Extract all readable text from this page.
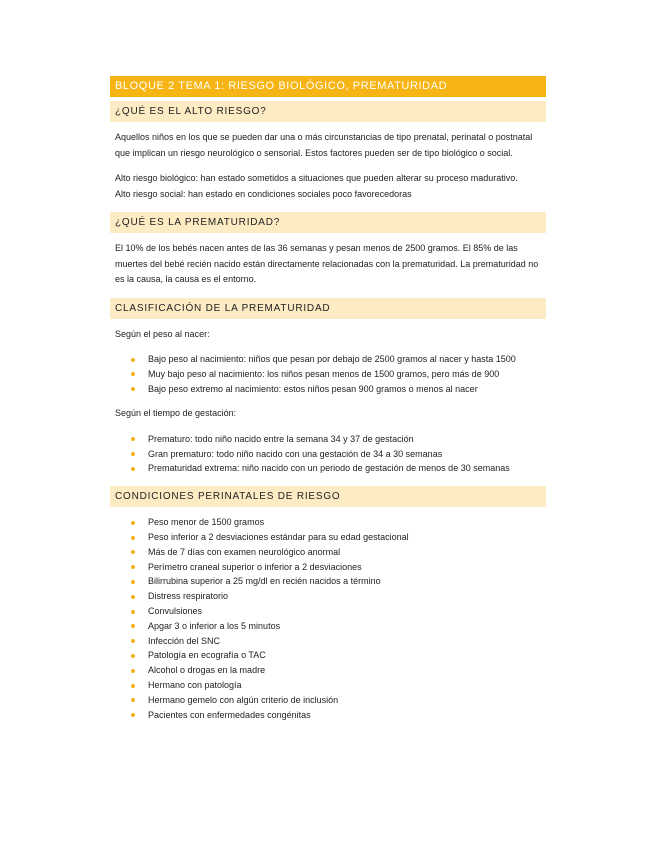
BLOQUE 2 TEMA 1: RIESGO BIOLÓGICO, PREMATURIDAD
¿QUÉ ES EL ALTO RIESGO?

Aquellos niños en los que se pueden dar una o más circunstancias de tipo prenatal, perinatal o postnatal que implican un riesgo neurológico o sensorial. Estos factores pueden ser de tipo biológico o social.

Alto riesgo biológico: han estado sometidos a situaciones que pueden alterar su proceso madurativo.

Alto riesgo social: han estado en condiciones sociales poco favorecedoras

¿QUÉ ES LA PREMATURIDAD?

El 10% de los bebés nacen antes de las 36 semanas y pesan menos de 2500 gramos. El 85% de las muertes del bebé recién nacido están directamente relacionadas con la prematuridad. La prematuridad no es la causa, la causa es el entorno.

CLASIFICACIÓN DE LA PREMATURIDAD

Según el peso al nacer:

Bajo peso al nacimiento: niños que pesan por debajo de 2500 gramos al nacer y hasta 1500
Muy bajo peso al nacimiento: los niños pesan menos de 1500 gramos, pero más de 900
Bajo peso extremo al nacimiento: estos niños pesan 900 gramos o menos al nacer

Según el tiempo de gestación:

Prematuro: todo niño nacido entre la semana 34 y 37 de gestación
Gran prematuro: todo niño nacido con una gestación de 34 a 30 semanas
Prematuridad extrema: niño nacido con un periodo de gestación de menos de 30 semanas
CONDICIONES PERINATALES DE RIESGO
Peso menor de 1500 gramos
Peso inferior a 2 desviaciones estándar para su edad gestacional
Más de 7 días con examen neurológico anormal
Perímetro craneal superior o inferior a 2 desviaciones
Bilirrubina superior a 25 mg/dl en recién nacidos a término
Distress respiratorio
Convulsiones
Apgar 3 o inferior a los 5 minutos
Infección del SNC
Patología en ecografía o TAC
Alcohol o drogas en la madre
Hermano con patología
Hermano gemelo con algún criterio de inclusión
Pacientes con enfermedades congénitas
